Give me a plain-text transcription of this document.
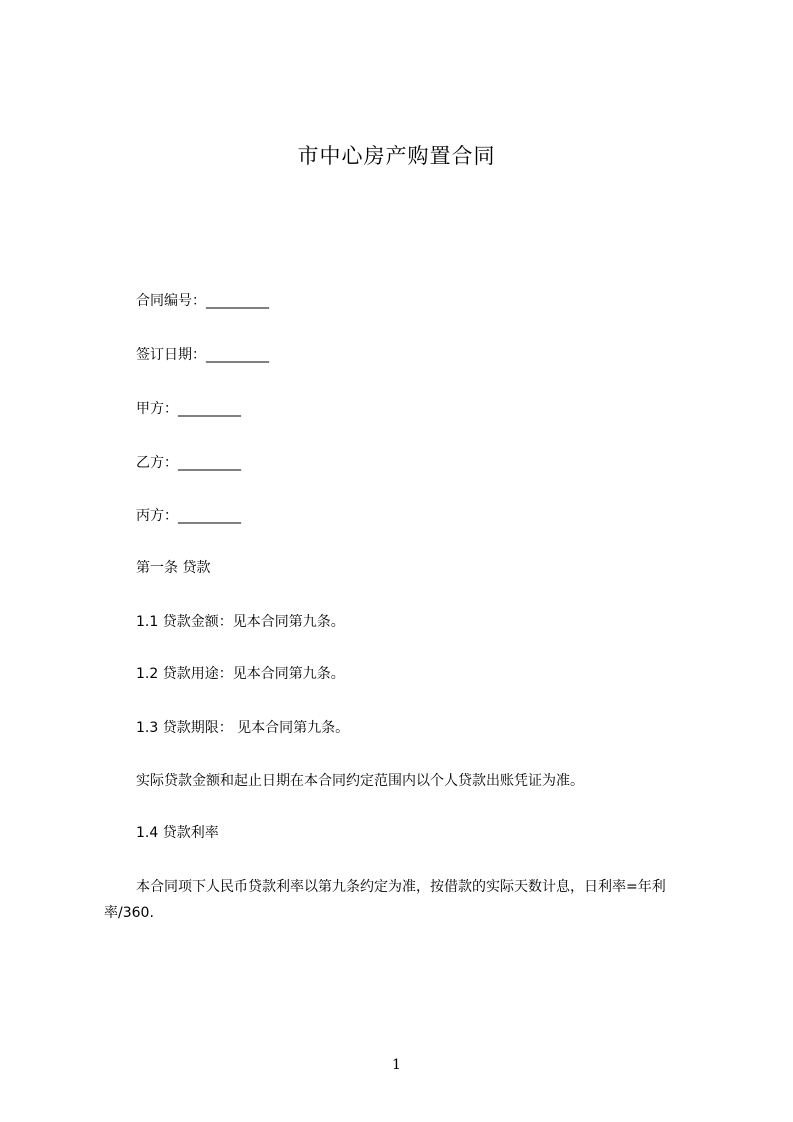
市中心房产购置合同
合同编号：_________
签订日期：_________
甲方：_________
乙方：_________
丙方：_________
第一条 贷款
1.1 贷款金额：见本合同第九条。
1.2 贷款用途：见本合同第九条。
1.3 贷款期限： 见本合同第九条。
实际贷款金额和起止日期在本合同约定范围内以个人贷款出账凭证为准。
1.4 贷款利率
本合同项下人民币贷款利率以第九条约定为准，按借款的实际天数计息，日利率=年利率/360.
1
